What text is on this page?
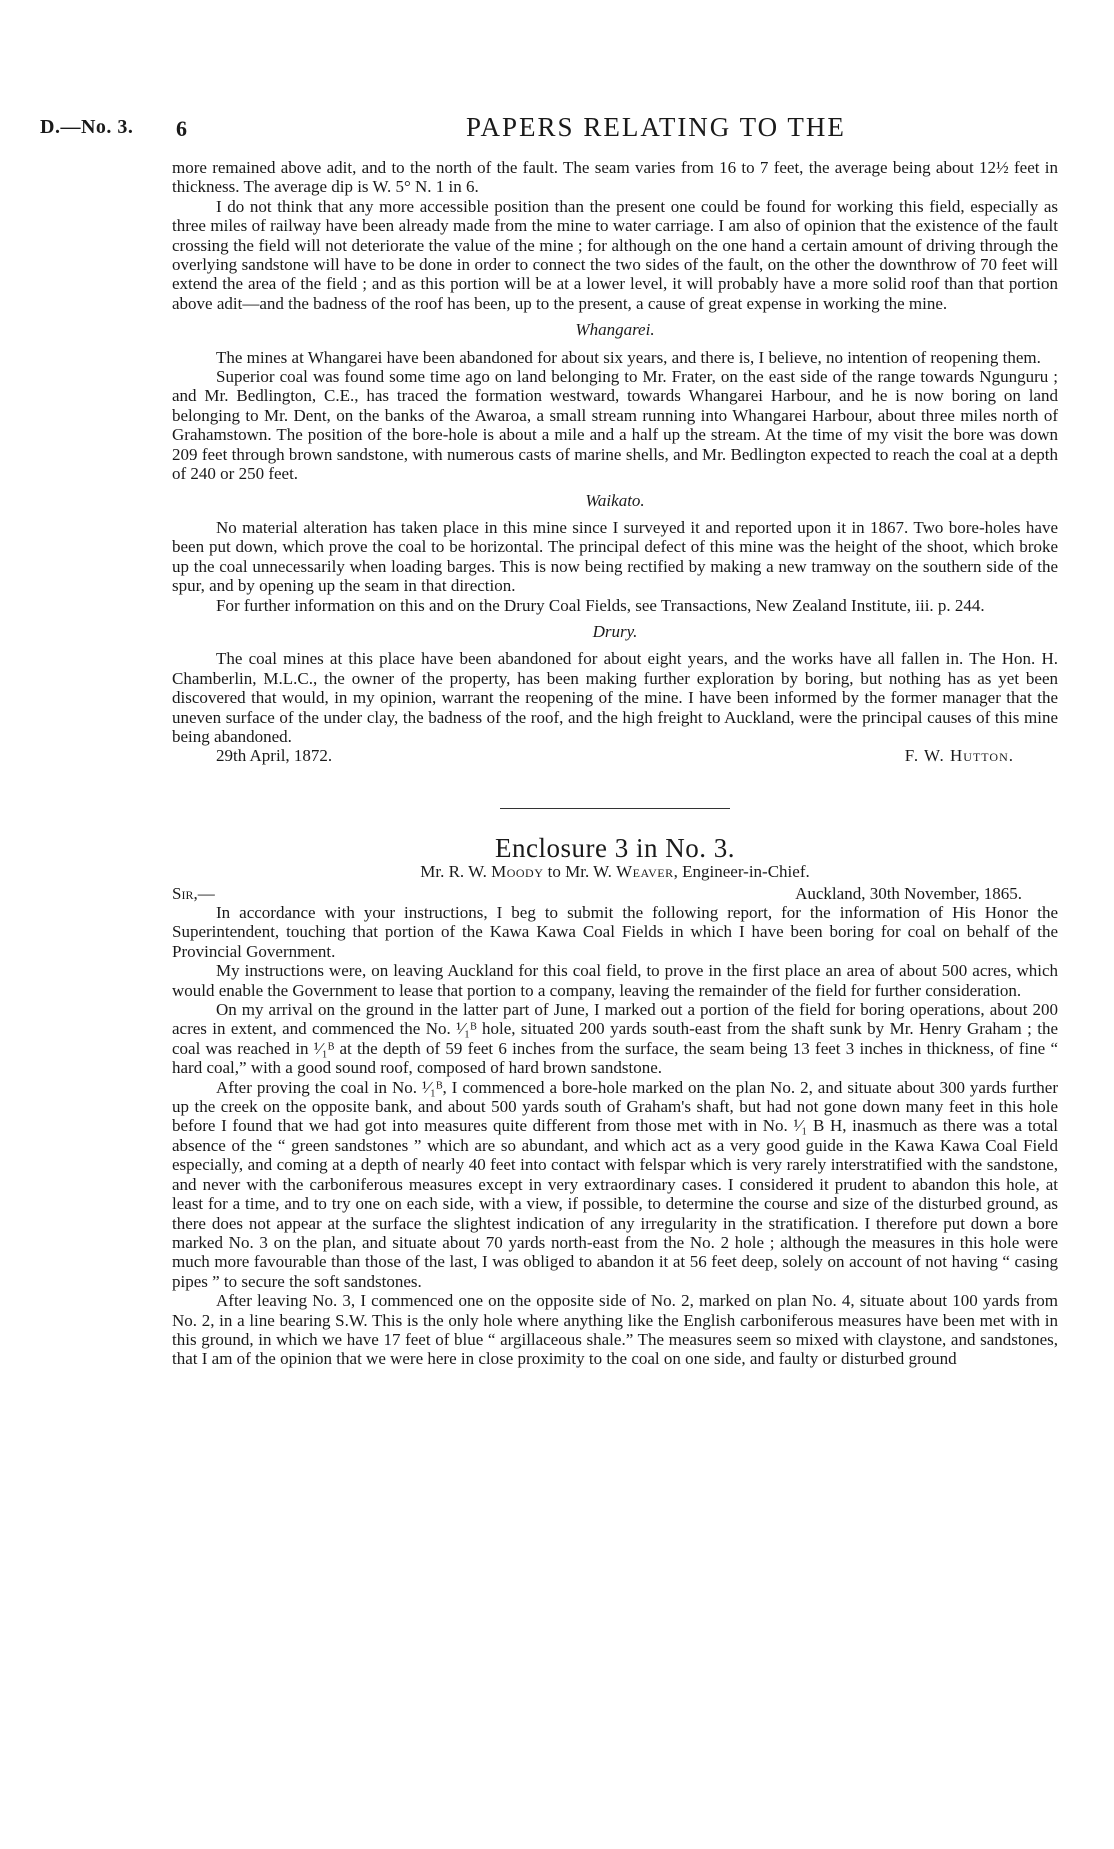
D.—No. 3. 6	PAPERS RELATING TO THE

more remained above adit, and to the north of the fault. The seam varies from 16 to 7 feet, the average being about 12½ feet in thickness. The average dip is W. 5° N. 1 in 6.

I do not think that any more accessible position than the present one could be found for working this field, especially as three miles of railway have been already made from the mine to water carriage. I am also of opinion that the existence of the fault crossing the field will not deteriorate the value of the mine ; for although on the one hand a certain amount of driving through the overlying sandstone will have to be done in order to connect the two sides of the fault, on the other the downthrow of 70 feet will extend the area of the field ; and as this portion will be at a lower level, it will probably have a more solid roof than that portion above adit—and the badness of the roof has been, up to the present, a cause of great expense in working the mine.

Whangarei.

The mines at Whangarei have been abandoned for about six years, and there is, I believe, no intention of reopening them.

Superior coal was found some time ago on land belonging to Mr. Frater, on the east side of the range towards Ngunguru ; and Mr. Bedlington, C.E., has traced the formation westward, towards Whangarei Harbour, and he is now boring on land belonging to Mr. Dent, on the banks of the Awaroa, a small stream running into Whangarei Harbour, about three miles north of Grahamstown. The position of the bore-hole is about a mile and a half up the stream. At the time of my visit the bore was down 209 feet through brown sandstone, with numerous casts of marine shells, and Mr. Bedlington expected to reach the coal at a depth of 240 or 250 feet.

Waikato.

No material alteration has taken place in this mine since I surveyed it and reported upon it in 1867. Two bore-holes have been put down, which prove the coal to be horizontal. The principal defect of this mine was the height of the shoot, which broke up the coal unnecessarily when loading barges. This is now being rectified by making a new tramway on the southern side of the spur, and by opening up the seam in that direction.

For further information on this and on the Drury Coal Fields, see Transactions, New Zealand Institute, iii. p. 244.

Drury.

The coal mines at this place have been abandoned for about eight years, and the works have all fallen in. The Hon. H. Chamberlin, M.L.C., the owner of the property, has been making further exploration by boring, but nothing has as yet been discovered that would, in my opinion, warrant the reopening of the mine. I have been informed by the former manager that the uneven surface of the under clay, the badness of the roof, and the high freight to Auckland, were the principal causes of this mine being abandoned.

29th April, 1872.	F. W. Hutton.
Enclosure 3 in No. 3.
Mr. R. W. Moody to Mr. W. Weaver, Engineer-in-Chief.
Sir,—	Auckland, 30th November, 1865.

In accordance with your instructions, I beg to submit the following report, for the information of His Honor the Superintendent, touching that portion of the Kawa Kawa Coal Fields in which I have been boring for coal on behalf of the Provincial Government.

My instructions were, on leaving Auckland for this coal field, to prove in the first place an area of about 500 acres, which would enable the Government to lease that portion to a company, leaving the remainder of the field for further consideration.

On my arrival on the ground in the latter part of June, I marked out a portion of the field for boring operations, about 200 acres in extent, and commenced the No. ¹⁄₁ᴮ hole, situated 200 yards south-east from the shaft sunk by Mr. Henry Graham ; the coal was reached in ¹⁄₁ᴮ at the depth of 59 feet 6 inches from the surface, the seam being 13 feet 3 inches in thickness, of fine “ hard coal,” with a good sound roof, composed of hard brown sandstone.

After proving the coal in No. ¹⁄₁ᴮ, I commenced a bore-hole marked on the plan No. 2, and situate about 300 yards further up the creek on the opposite bank, and about 500 yards south of Graham's shaft, but had not gone down many feet in this hole before I found that we had got into measures quite different from those met with in No. ¹⁄₁ B H, inasmuch as there was a total absence of the “ green sandstones ” which are so abundant, and which act as a very good guide in the Kawa Kawa Coal Field especially, and coming at a depth of nearly 40 feet into contact with felspar which is very rarely interstratified with the sandstone, and never with the carboniferous measures except in very extraordinary cases. I considered it prudent to abandon this hole, at least for a time, and to try one on each side, with a view, if possible, to determine the course and size of the disturbed ground, as there does not appear at the surface the slightest indication of any irregularity in the stratification. I therefore put down a bore marked No. 3 on the plan, and situate about 70 yards north-east from the No. 2 hole ; although the measures in this hole were much more favourable than those of the last, I was obliged to abandon it at 56 feet deep, solely on account of not having “ casing pipes ” to secure the soft sandstones.

After leaving No. 3, I commenced one on the opposite side of No. 2, marked on plan No. 4, situate about 100 yards from No. 2, in a line bearing S.W. This is the only hole where anything like the English carboniferous measures have been met with in this ground, in which we have 17 feet of blue “ argillaceous shale.” The measures seem so mixed with claystone, and sandstones, that I am of the opinion that we were here in close proximity to the coal on one side, and faulty or disturbed ground
